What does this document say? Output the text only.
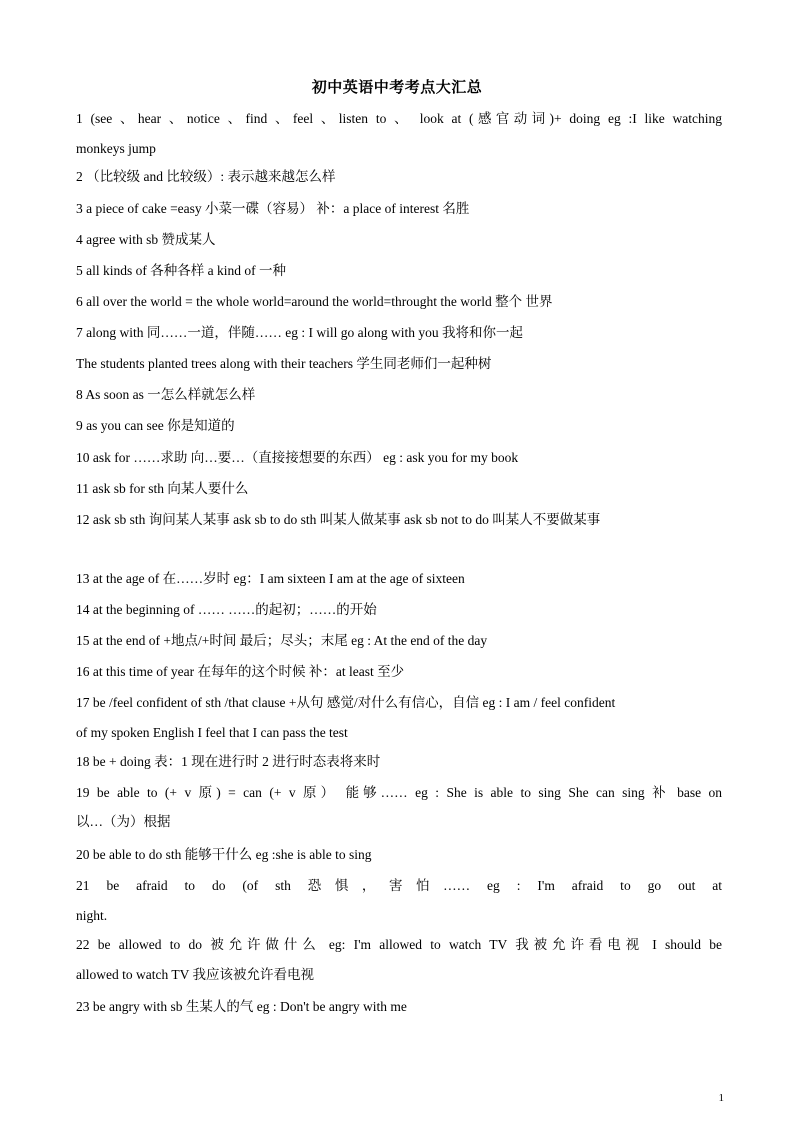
初中英语中考考点大汇总
1 (see 、hear 、notice 、find 、feel 、listen to 、 look at (感官动词)+ doing eg :I like watching
monkeys jump
2 （比较级 and 比较级）: 表示越来越怎么样
3 a piece of cake =easy 小菜一碟（容易） 补：a place of interest 名胜
4 agree with sb 赞成某人
5 all kinds of 各种各样 a kind of 一种
6 all over the world = the whole world=around the world=throught the world 整个 世界
7 along with 同……一道，伴随…… eg : I will go along with you 我将和你一起
The students planted trees along with their teachers 学生同老师们一起种树
8 As soon as 一怎么样就怎么样
9 as you can see 你是知道的
10 ask for ……求助 向…要…（直接接想要的东西） eg : ask you for my book
11 ask sb for sth 向某人要什么
12 ask sb sth 询问某人某事 ask sb to do sth 叫某人做某事 ask sb not to do 叫某人不要做某事
13 at the age of 在……岁时 eg：I am sixteen I am at the age of sixteen
14 at the beginning of …… ……的起初；……的开始
15 at the end of +地点/+时间 最后；尽头；末尾 eg : At the end of the day
16 at this time of year 在每年的这个时候 补：at least 至少
17 be /feel confident of sth /that clause +从句 感觉/对什么有信心，自信 eg : I am / feel confident
of my spoken English I feel that I can pass the test
18 be + doing 表：1 现在进行时 2 进行时态表将来时
19 be able to (+ v 原) = can (+ v 原） 能够…… eg : She is able to sing She can sing 补 base on
以…（为）根据
20 be able to do sth 能够干什么 eg :she is able to sing
21 be afraid to do (of sth 恐惧，害怕…… eg : I'm afraid to go out at
night.
22 be allowed to do 被允许做什么 eg: I'm allowed to watch TV 我被允许看电视 I should be
allowed to watch TV 我应该被允许看电视
23 be angry with sb 生某人的气 eg : Don't be angry with me
1
